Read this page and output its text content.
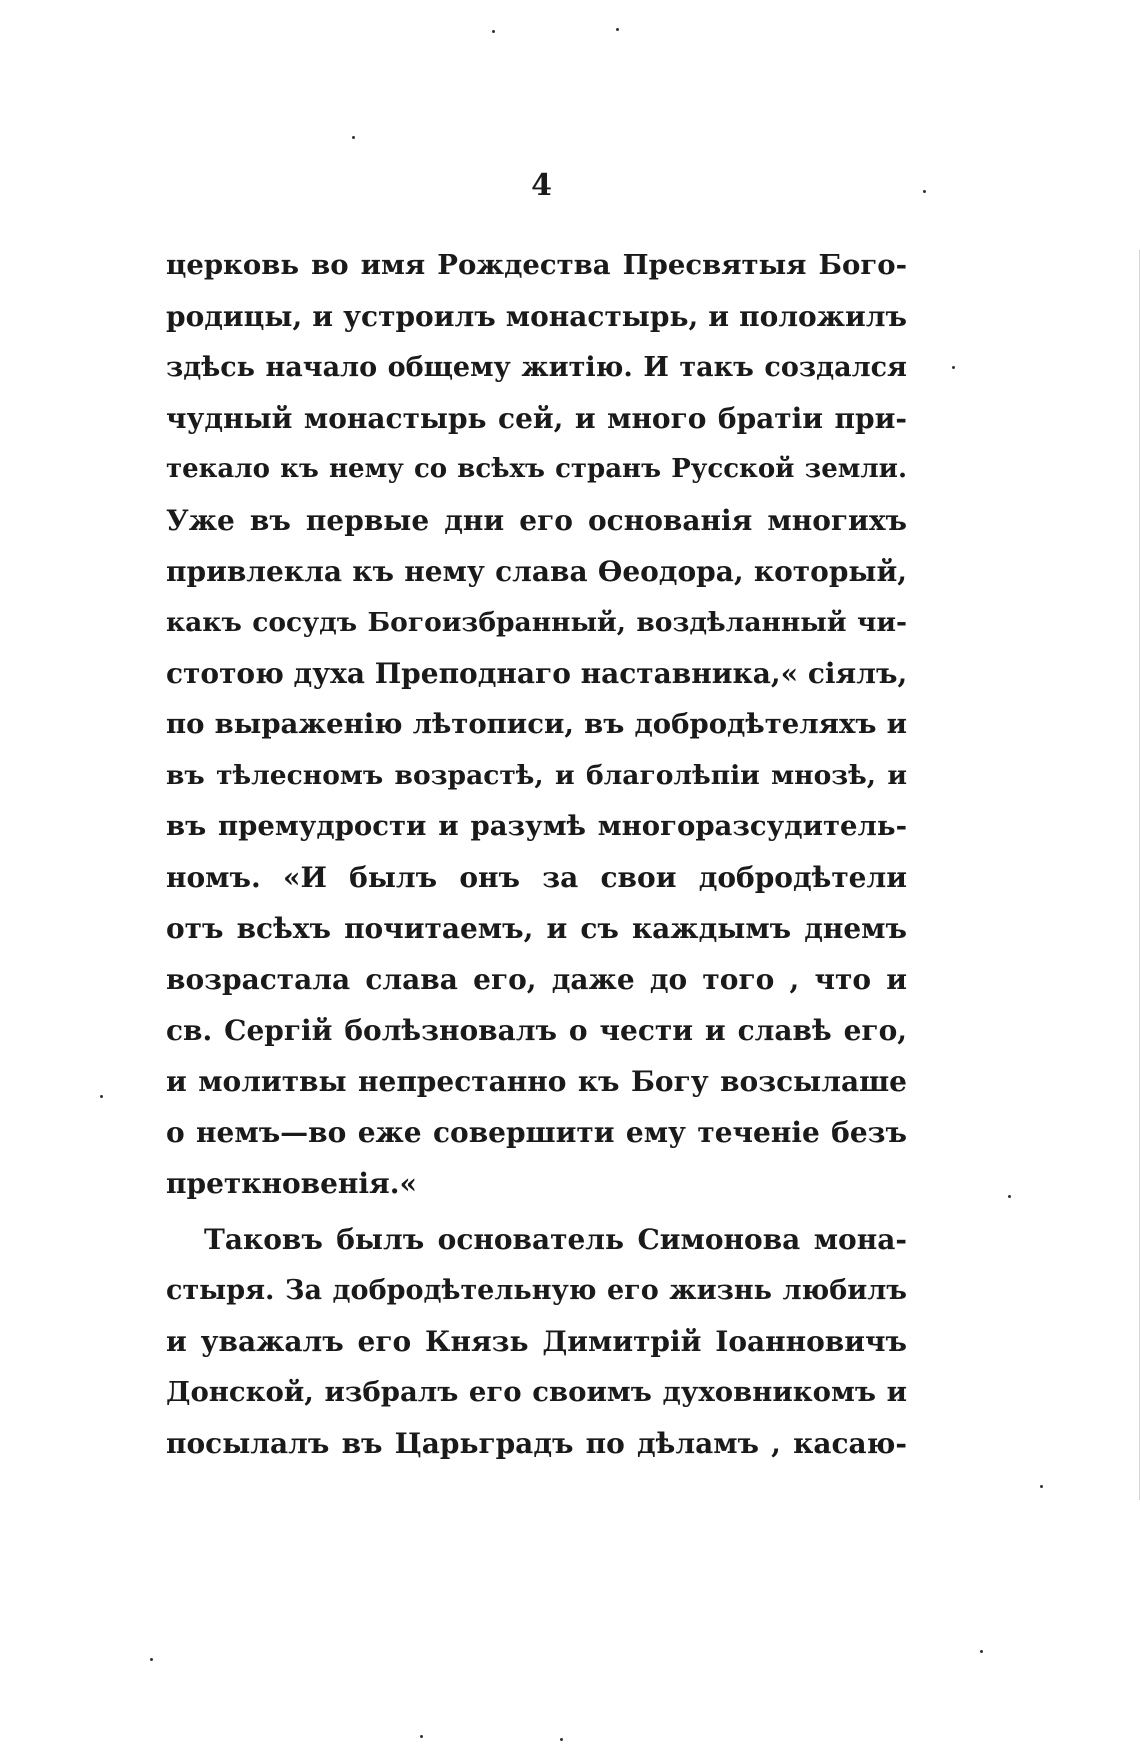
4
церковь во имя Рождества Пресвятыя Бого-
родицы, и устроилъ монастырь, и положилъ
здѣсь начало общему житію. И такъ создался
чудный монастырь сей, и много братіи при-
текало къ нему со всѣхъ странъ Русской земли.
Уже въ первые дни его основанія многихъ
привлекла къ нему слава Ѳеодора, который,
какъ сосудъ Богоизбранный, воздѣланный чи-
стотою духа Преподнаго наставника,« сіялъ,
по выраженію лѣтописи, въ добродѣтеляхъ и
въ тѣлесномъ возрастѣ, и благолѣпіи мнозѣ, и
въ премудрости и разумѣ многоразсудитель-
номъ. «И былъ онъ за свои добродѣтели
отъ всѣхъ почитаемъ, и съ каждымъ днемъ
возрастала слава его, даже до того , что и
св. Сергій болѣзновалъ о чести и славѣ его,
и молитвы непрестанно къ Богу возсылаше
о немъ—во еже совершити ему теченіе безъ
преткновенія.«
Таковъ былъ основатель Симонова мона-
стыря. За добродѣтельную его жизнь любилъ
и уважалъ его Князь Димитрій Іоанновичъ
Донской, избралъ его своимъ духовникомъ и
посылалъ въ Царьградъ по дѣламъ , касаю-
